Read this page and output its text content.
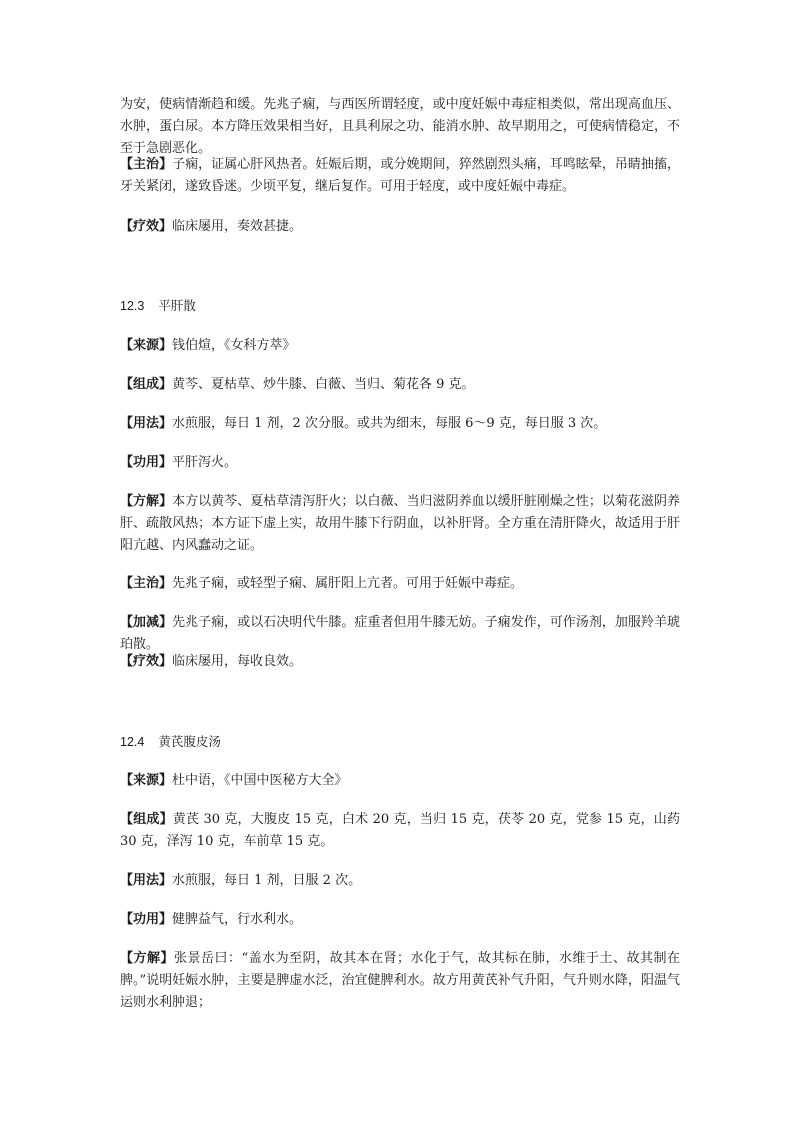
为安，使病情渐趋和缓。先兆子痫，与西医所谓轻度，或中度妊娠中毒症相类似，常出现高血压、水肿，蛋白尿。本方降压效果相当好，且具利尿之功、能消水肿、故早期用之，可使病情稳定，不至于急剧恶化。

【主治】子痫，证属心肝风热者。妊娠后期，或分娩期间，猝然剧烈头痛，耳鸣眩晕，吊睛抽搐，牙关紧闭，遂致昏迷。少顷平复，继后复作。可用于轻度，或中度妊娠中毒症。

【疗效】临床屡用，奏效甚捷。

12.3 平肝散

【来源】钱伯煊，《女科方萃》

【组成】黄芩、夏枯草、炒牛膝、白薇、当归、菊花各 9 克。

【用法】水煎服，每日 1 剂，2 次分服。或共为细末，每服 6～9 克，每日服 3 次。

【功用】平肝泻火。

【方解】本方以黄芩、夏枯草清泻肝火；以白薇、当归滋阴养血以缓肝脏刚燥之性；以菊花滋阴养肝、疏散风热；本方证下虚上实，故用牛膝下行阴血，以补肝肾。全方重在清肝降火，故适用于肝阳亢越、内风蠢动之证。

【主治】先兆子痫，或轻型子痫、属肝阳上亢者。可用于妊娠中毒症。

【加减】先兆子痫，或以石决明代牛膝。症重者但用牛膝无妨。子痫发作，可作汤剂，加服羚羊琥珀散。

【疗效】临床屡用，每收良效。

12.4 黄芪腹皮汤

【来源】杜中语，《中国中医秘方大全》

【组成】黄芪 30 克，大腹皮 15 克，白术 20 克，当归 15 克，茯苓 20 克，党参 15 克，山药 30 克，泽泻 10 克，车前草 15 克。

【用法】水煎服，每日 1 剂，日服 2 次。

【功用】健脾益气，行水利水。

【方解】张景岳曰：“盖水为至阴，故其本在肾；水化于气，故其标在肺，水维于土、故其制在脾。”说明妊娠水肿，主要是脾虚水泛，治宜健脾利水。故方用黄芪补气升阳，气升则水降，阳温气运则水利肿退；
